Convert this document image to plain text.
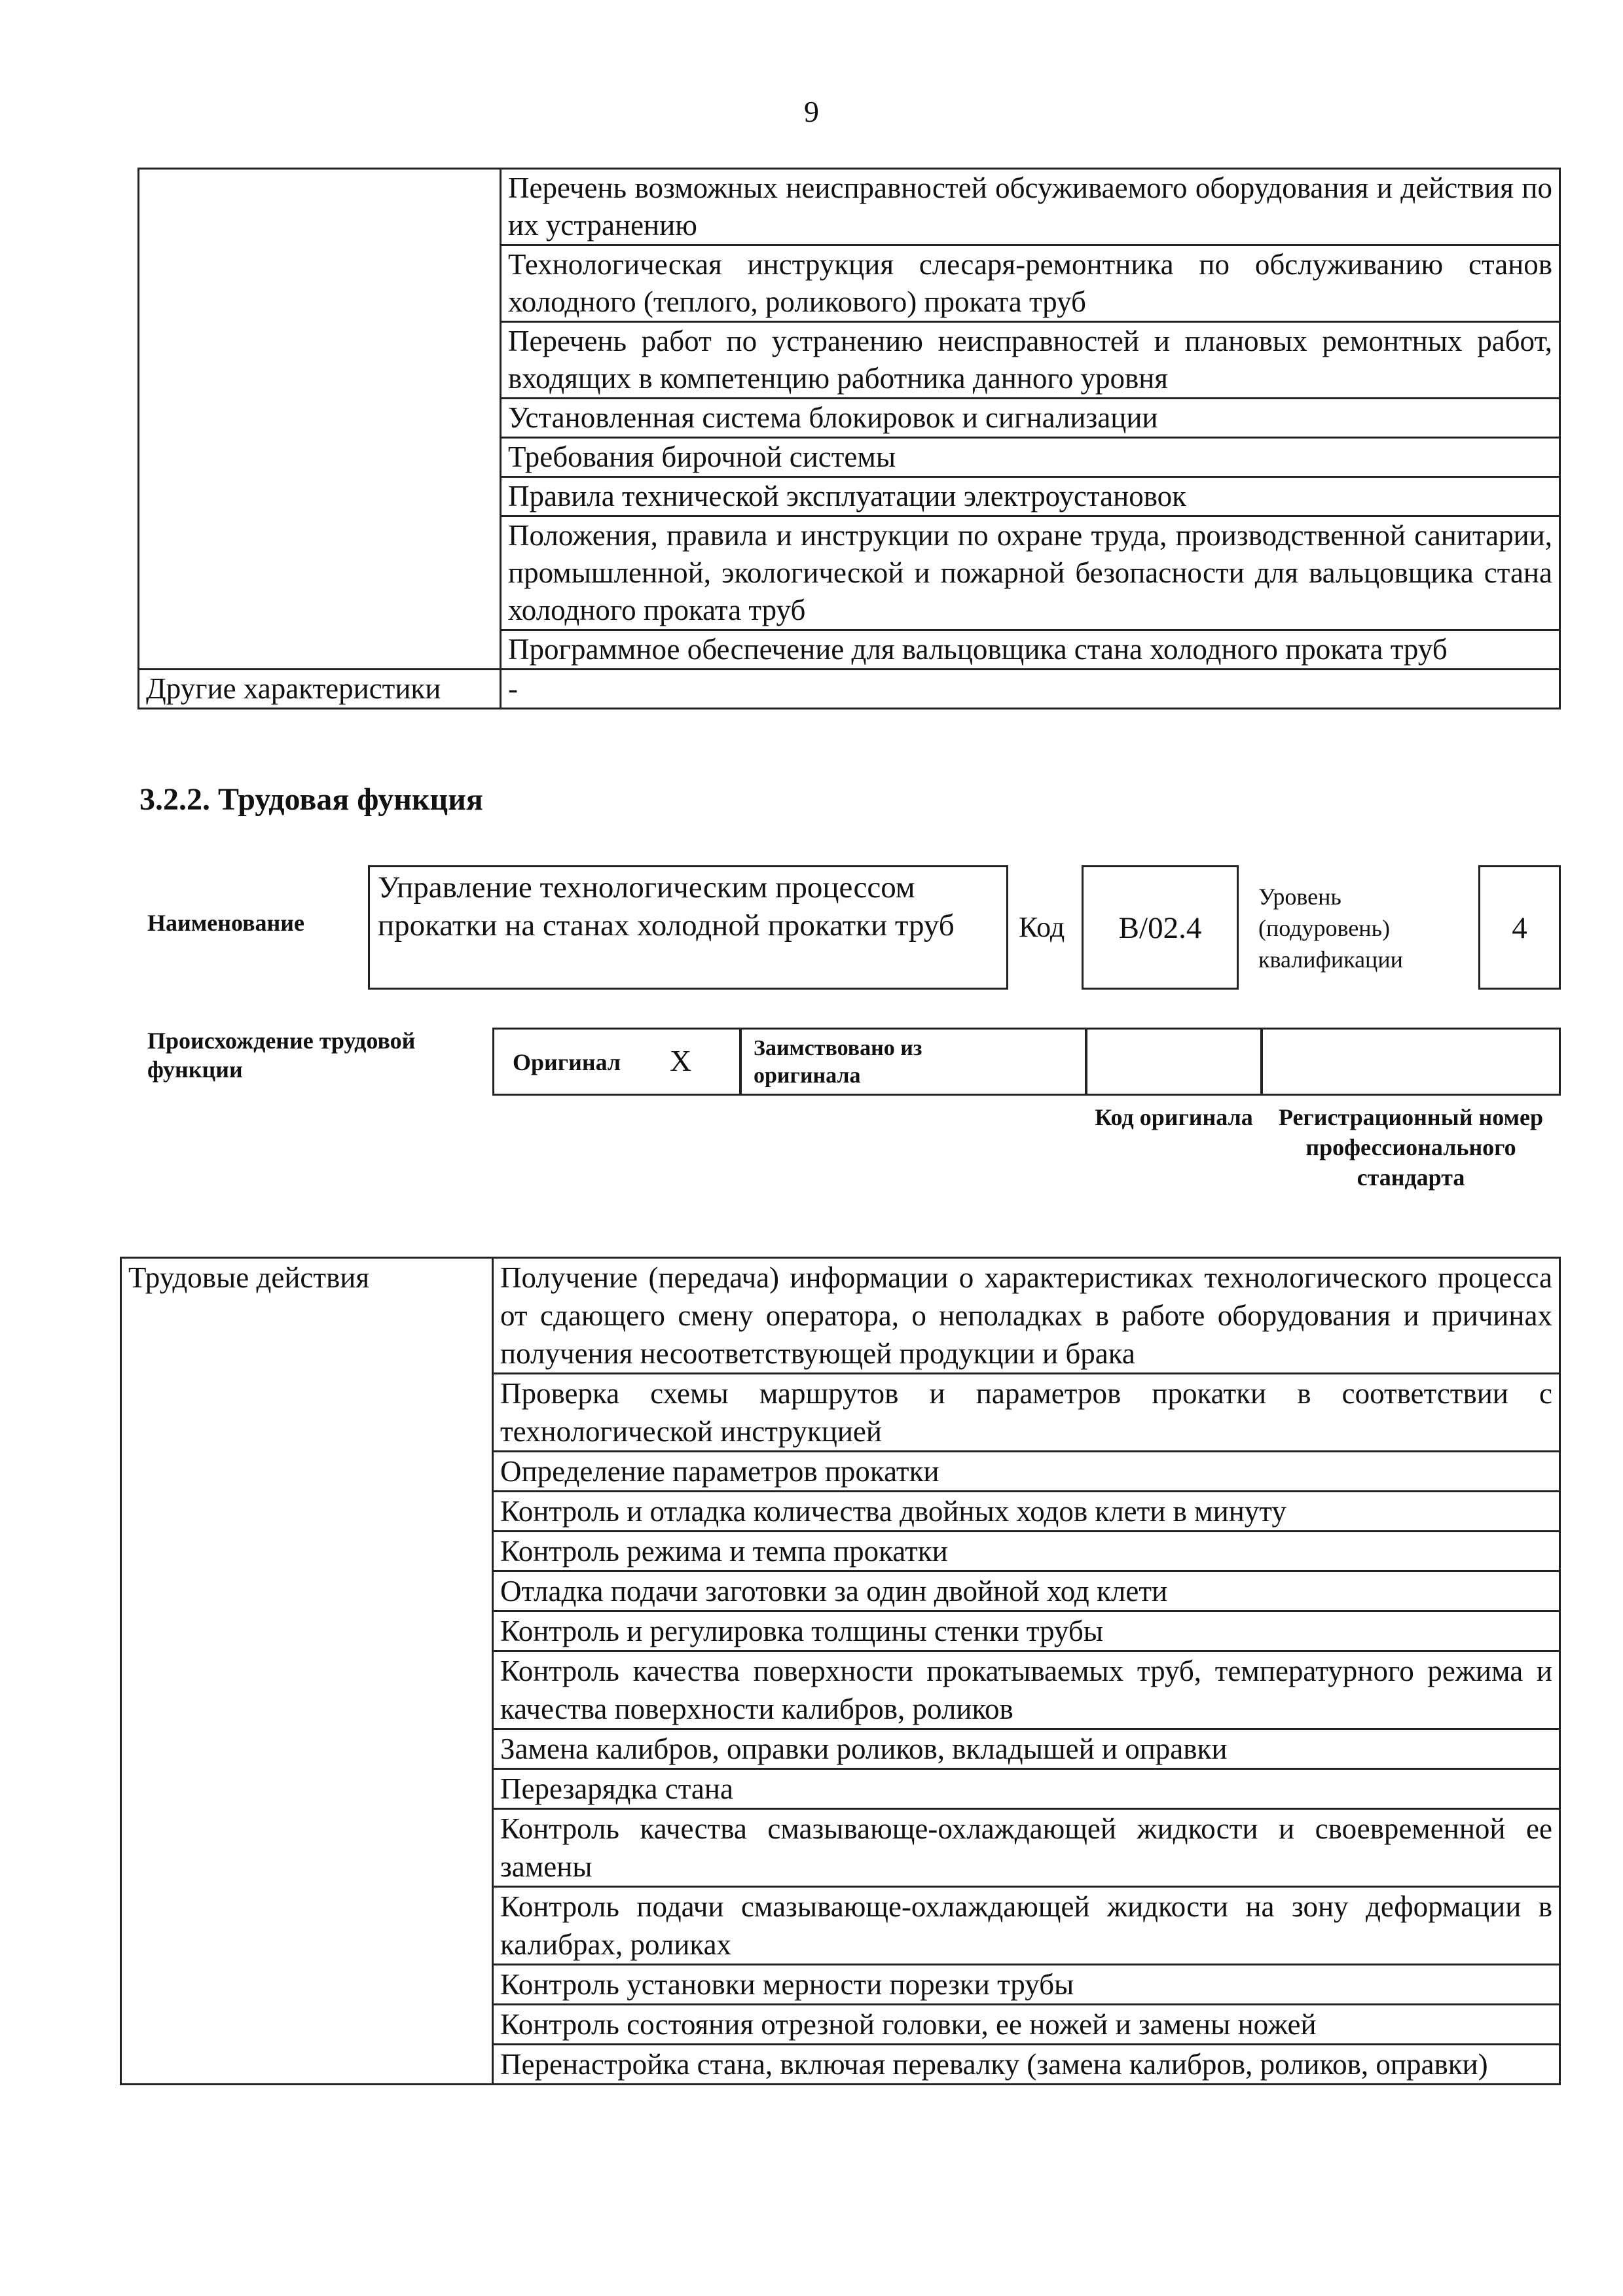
9
	Перечень возможных неисправностей обсуживаемого оборудования и действия по их устранению
	Технологическая инструкция слесаря-ремонтника по обслуживанию станов холодного (теплого, роликового) проката труб
	Перечень работ по устранению неисправностей и плановых ремонтных работ, входящих в компетенцию работника данного уровня
	Установленная система блокировок и сигнализации
	Требования бирочной системы
	Правила технической эксплуатации электроустановок
	Положения, правила и инструкции по охране труда, производственной санитарии, промышленной, экологической и пожарной безопасности для вальцовщика стана холодного проката труб
	Программное обеспечение для вальцовщика стана холодного проката труб
Другие характеристики	-
3.2.2. Трудовая функция
Наименование
Управление технологическим процессом прокатки на станах холодной прокатки труб	Код	B/02.4
Уровень (подуровень) квалификации
4
Происхождение трудовой функции	Оригинал X	Заимствовано из оригинала
Код оригинала	Регистрационный номер профессионального стандарта
Трудовые действия	Получение (передача) информации о характеристиках технологического процесса от сдающего смену оператора, о неполадках в работе оборудования и причинах получения несоответствующей продукции и брака
Проверка схемы маршрутов и параметров прокатки в соответствии с технологической инструкцией
Определение параметров прокатки
Контроль и отладка количества двойных ходов клети в минуту
Контроль режима и темпа прокатки
Отладка подачи заготовки за один двойной ход клети
Контроль и регулировка толщины стенки трубы
Контроль качества поверхности прокатываемых труб, температурного режима и качества поверхности калибров, роликов
Замена калибров, оправки роликов, вкладышей и оправки
Перезарядка стана
Контроль качества смазывающе-охлаждающей жидкости и своевременной ее замены
Контроль подачи смазывающе-охлаждающей жидкости на зону деформации в калибрах, роликах
Контроль установки мерности порезки трубы
Контроль состояния отрезной головки, ее ножей и замены ножей
Перенастройка стана, включая перевалку (замена калибров, роликов, оправки)
